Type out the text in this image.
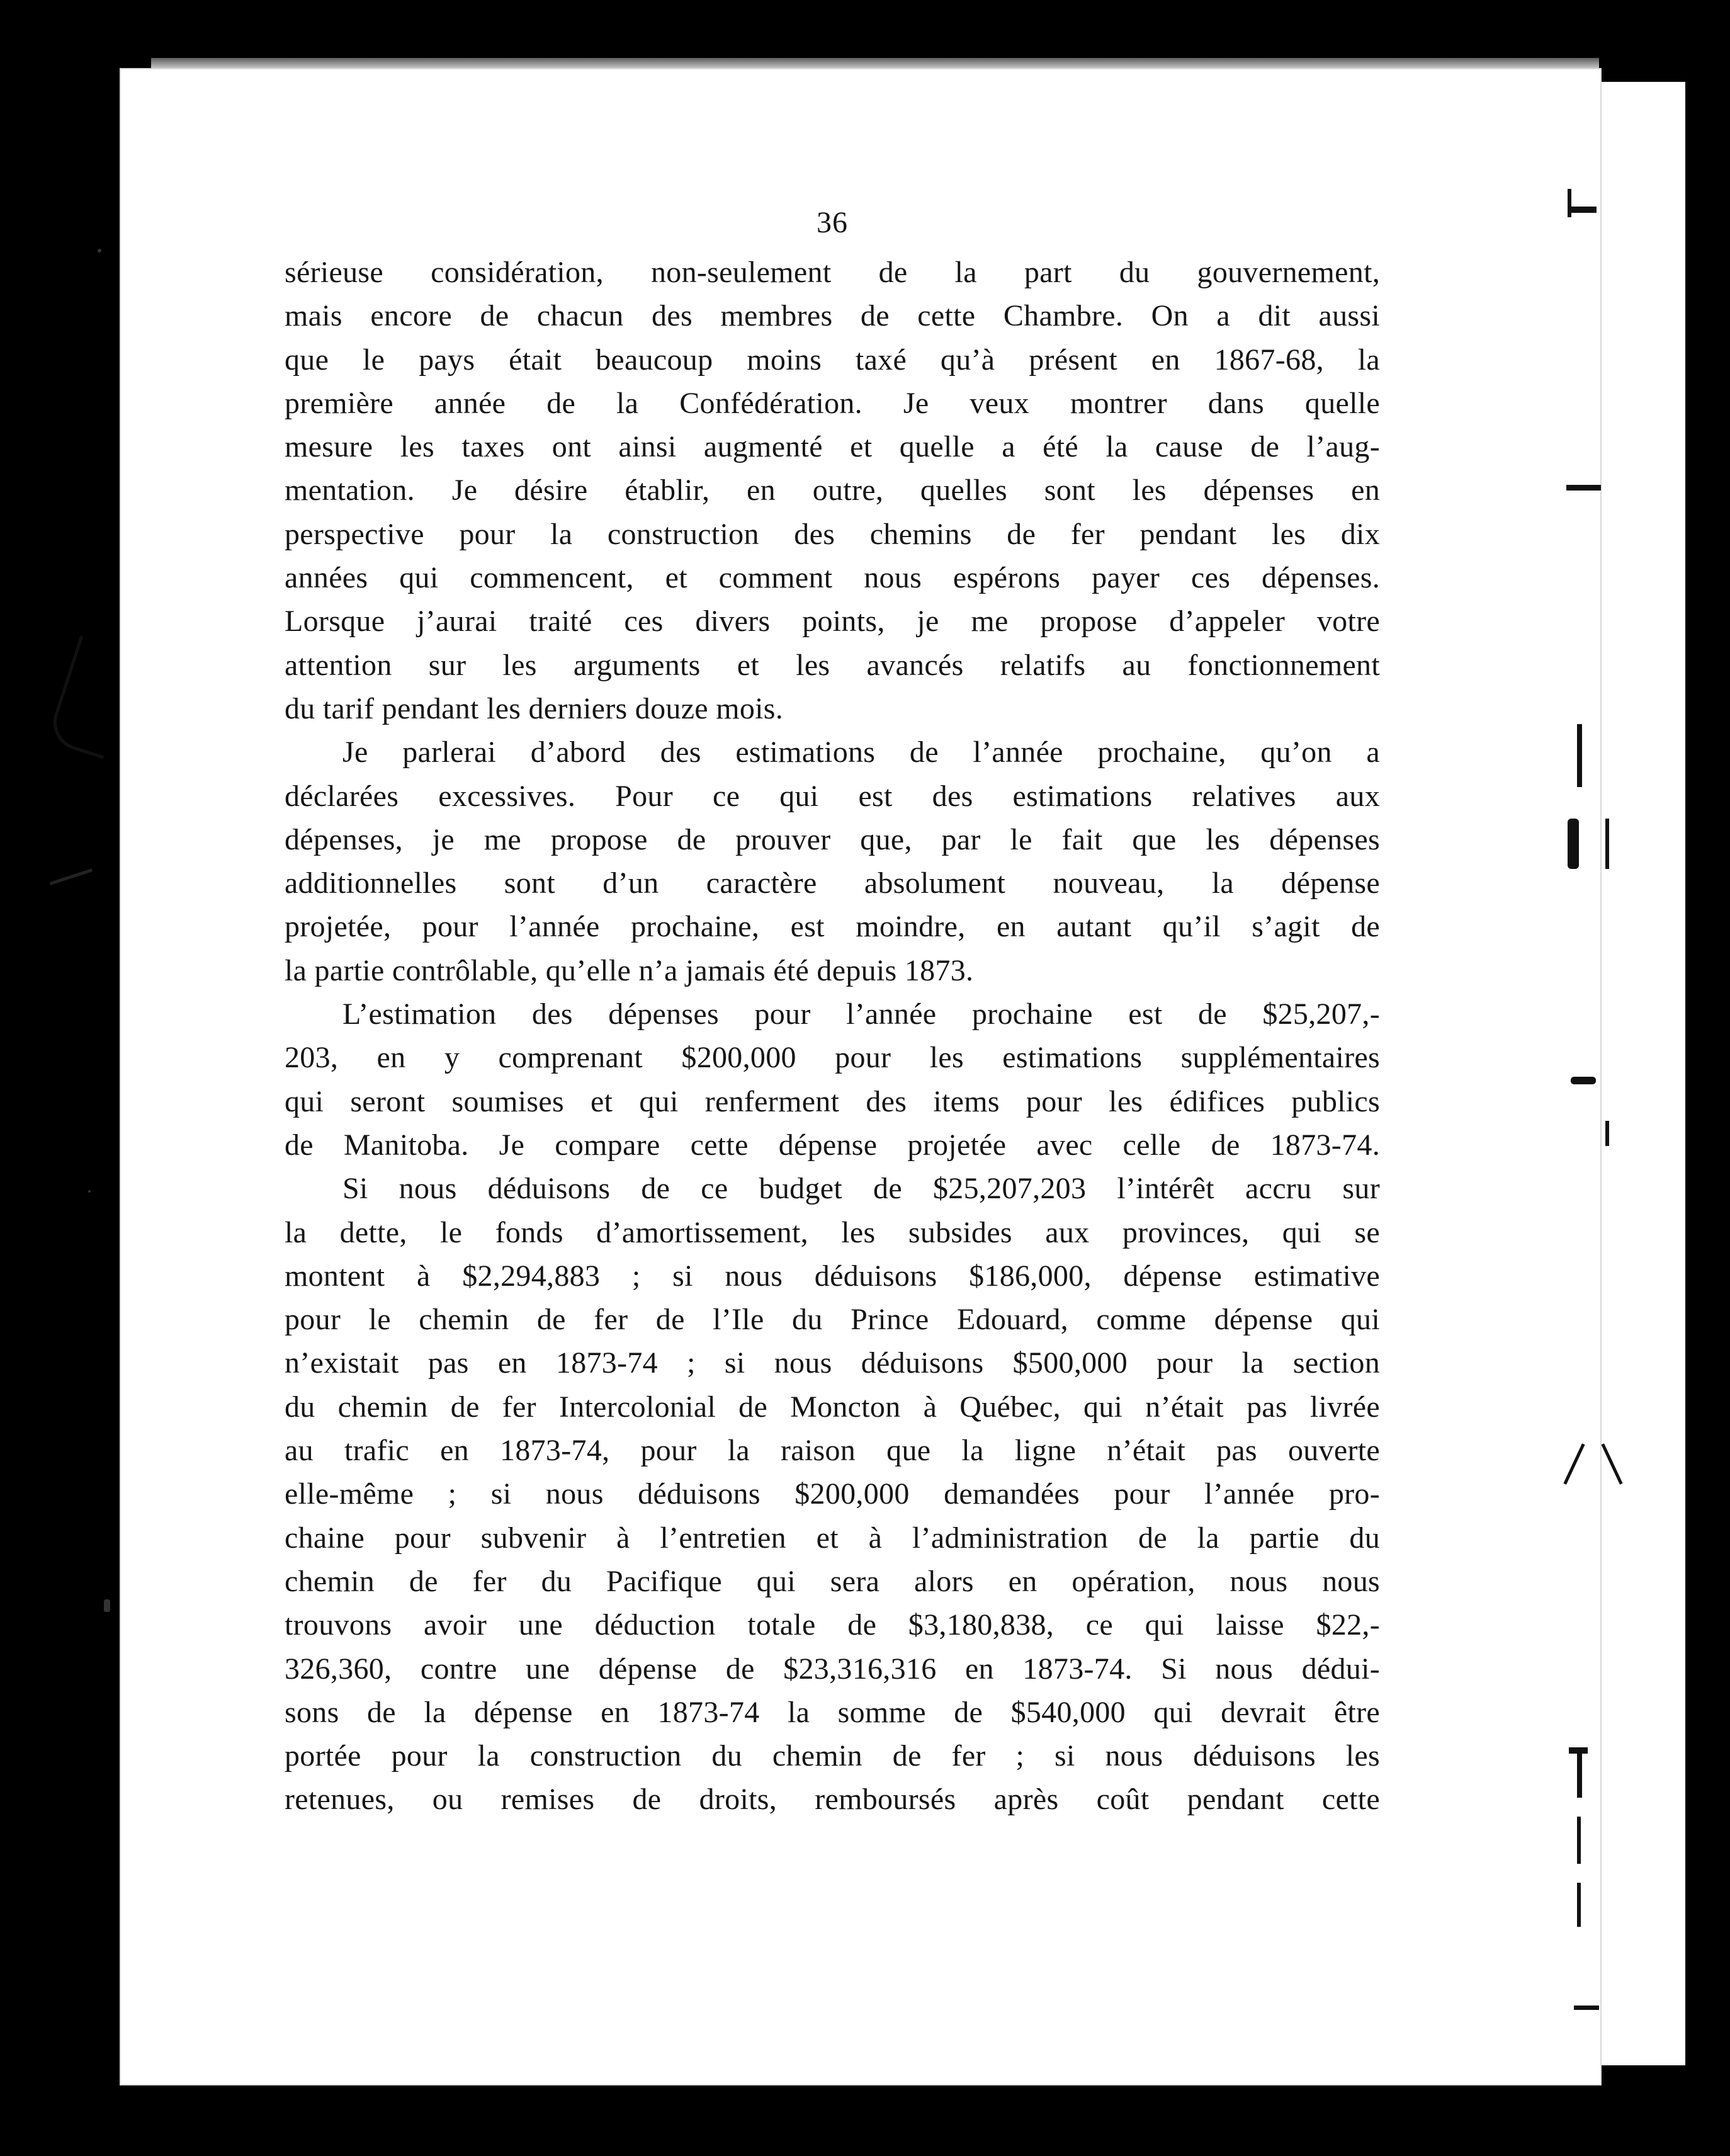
36

sérieuse considération, non-seulement de la part du gouvernement,

mais encore de chacun des membres de cette Chambre. On a dit aussi

que le pays était beaucoup moins taxé qu’à présent en 1867-68, la

première année de la Confédération. Je veux montrer dans quelle

mesure les taxes ont ainsi augmenté et quelle a été la cause de l’aug-

mentation. Je désire établir, en outre, quelles sont les dépenses en

perspective pour la construction des chemins de fer pendant les dix

années qui commencent, et comment nous espérons payer ces dépenses.

Lorsque j’aurai traité ces divers points, je me propose d’appeler votre

attention sur les arguments et les avancés relatifs au fonctionnement

du tarif pendant les derniers douze mois.

Je parlerai d’abord des estimations de l’année prochaine, qu’on a

déclarées excessives. Pour ce qui est des estimations relatives aux

dépenses, je me propose de prouver que, par le fait que les dépenses

additionnelles sont d’un caractère absolument nouveau, la dépense

projetée, pour l’année prochaine, est moindre, en autant qu’il s’agit de

la partie contrôlable, qu’elle n’a jamais été depuis 1873.

L’estimation des dépenses pour l’année prochaine est de $25,207,-

203, en y comprenant $200,000 pour les estimations supplémentaires

qui seront soumises et qui renferment des items pour les édifices publics

de Manitoba. Je compare cette dépense projetée avec celle de 1873-74.

Si nous déduisons de ce budget de $25,207,203 l’intérêt accru sur

la dette, le fonds d’amortissement, les subsides aux provinces, qui se

montent à $2,294,883 ; si nous déduisons $186,000, dépense estimative

pour le chemin de fer de l’Ile du Prince Edouard, comme dépense qui

n’existait pas en 1873-74 ; si nous déduisons $500,000 pour la section

du chemin de fer Intercolonial de Moncton à Québec, qui n’était pas livrée

au trafic en 1873-74, pour la raison que la ligne n’était pas ouverte

elle-même ; si nous déduisons $200,000 demandées pour l’année pro-

chaine pour subvenir à l’entretien et à l’administration de la partie du

chemin de fer du Pacifique qui sera alors en opération, nous nous

trouvons avoir une déduction totale de $3,180,838, ce qui laisse $22,-

326,360, contre une dépense de $23,316,316 en 1873-74. Si nous dédui-

sons de la dépense en 1873-74 la somme de $540,000 qui devrait être

portée pour la construction du chemin de fer ; si nous déduisons les

retenues, ou remises de droits, remboursés après coût pendant cette
